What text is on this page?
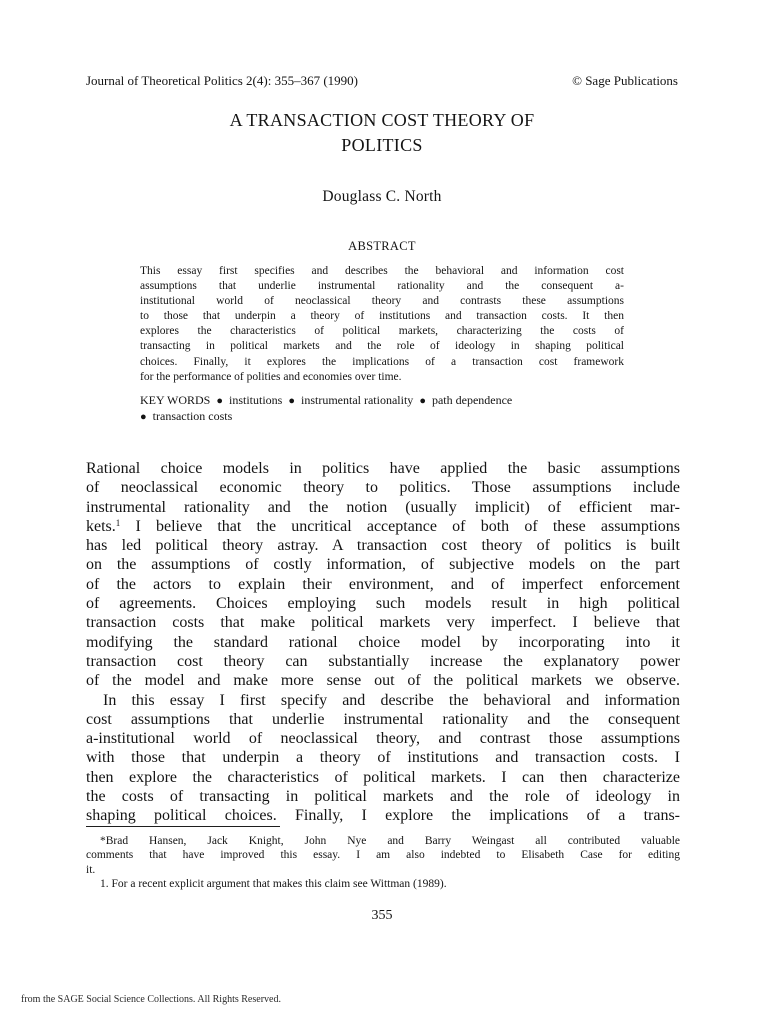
Journal of Theoretical Politics 2(4): 355–367 (1990)	© Sage Publications
A TRANSACTION COST THEORY OF
POLITICS
Douglass C. North
ABSTRACT
This essay first specifies and describes the behavioral and information cost
assumptions that underlie instrumental rationality and the consequent a-
institutional world of neoclassical theory and contrasts these assumptions
to those that underpin a theory of institutions and transaction costs. It then
explores the characteristics of political markets, characterizing the costs of
transacting in political markets and the role of ideology in shaping political
choices. Finally, it explores the implications of a transaction cost framework
for the performance of polities and economies over time.
KEY WORDS ● institutions ● instrumental rationality ● path dependence
● transaction costs
Rational choice models in politics have applied the basic assumptions
of neoclassical economic theory to politics. Those assumptions include
instrumental rationality and the notion (usually implicit) of efficient mar-
kets.$^1$ I believe that the uncritical acceptance of both of these assumptions
has led political theory astray. A transaction cost theory of politics is built
on the assumptions of costly information, of subjective models on the part
of the actors to explain their environment, and of imperfect enforcement
of agreements. Choices employing such models result in high political
transaction costs that make political markets very imperfect. I believe that
modifying the standard rational choice model by incorporating into it
transaction cost theory can substantially increase the explanatory power
of the model and make more sense out of the political markets we observe.
In this essay I first specify and describe the behavioral and information
cost assumptions that underlie instrumental rationality and the consequent
a-institutional world of neoclassical theory, and contrast those assumptions
with those that underpin a theory of institutions and transaction costs. I
then explore the characteristics of political markets. I can then characterize
the costs of transacting in political markets and the role of ideology in
shaping political choices. Finally, I explore the implications of a trans-
*Brad Hansen, Jack Knight, John Nye and Barry Weingast all contributed valuable
comments that have improved this essay. I am also indebted to Elisabeth Case for editing
it.
1. For a recent explicit argument that makes this claim see Wittman (1989).
355
from the SAGE Social Science Collections. All Rights Reserved.
